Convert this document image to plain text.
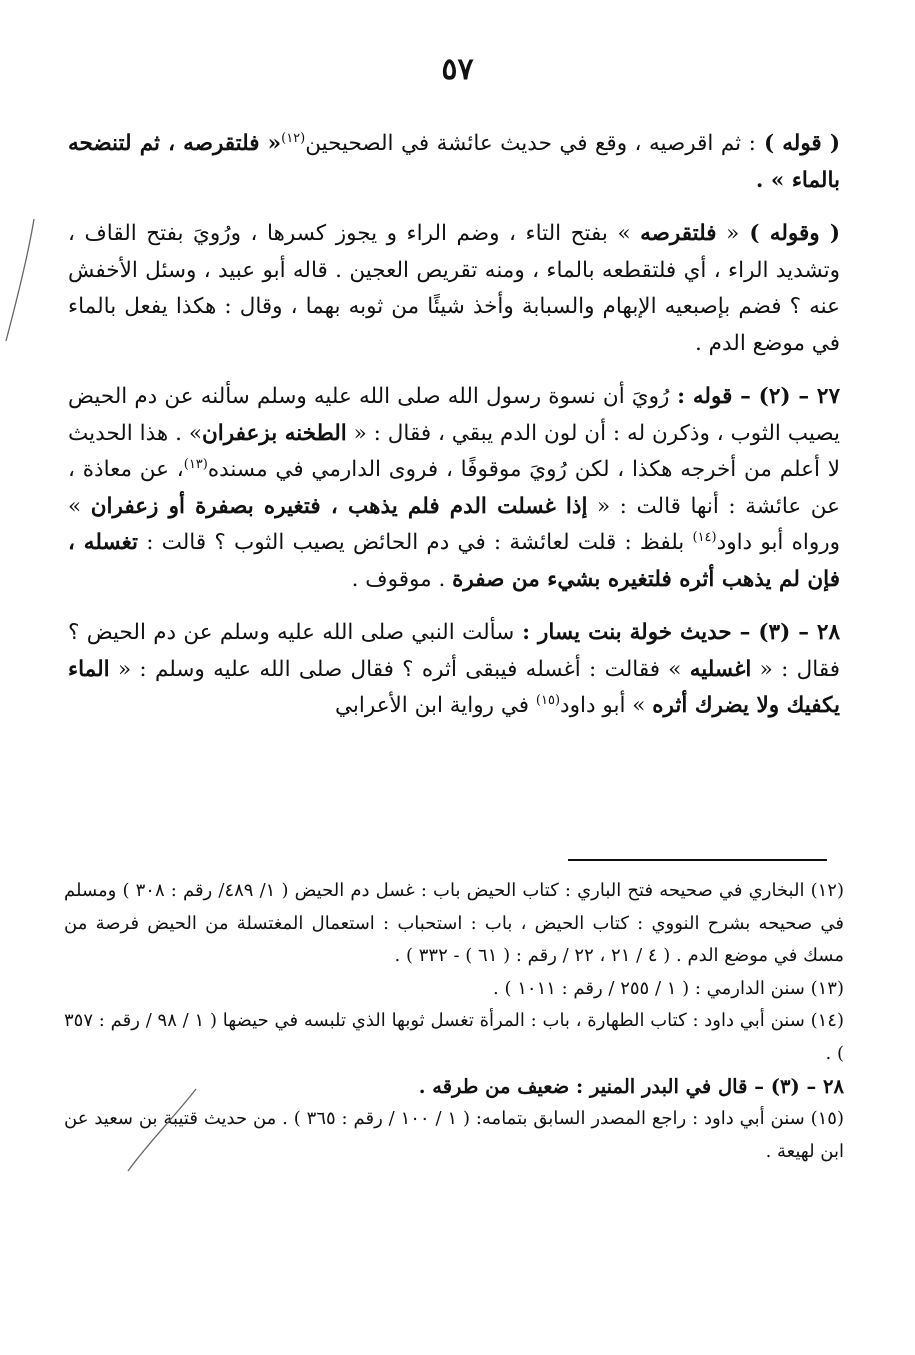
٥٧

( قوله ) : ثم اقرصيه ، وقع في حديث عائشة في الصحيحين$^{(١٢)}$« فلتقرصه ، ثم لتنضحه بالماء » .

( وقوله ) « فلتقرصه » بفتح التاء ، وضم الراء و يجوز كسرها ، ورُويَ بفتح القاف ، وتشديد الراء ، أي فلتقطعه بالماء ، ومنه تقريص العجين . قاله أبو عبيد ، وسئل الأخفش عنه ؟ فضم بإصبعيه الإبهام والسبابة وأخذ شيئًا من ثوبه بهما ، وقال : هكذا يفعل بالماء في موضع الدم .

٢٧ – (٢) – قوله : رُويَ أن نسوة رسول الله صلى الله عليه وسلم سألنه عن دم الحيض يصيب الثوب ، وذكرن له : أن لون الدم يبقي ، فقال : « الطخنه بزعفران» . هذا الحديث لا أعلم من أخرجه هكذا ، لكن رُويَ موقوفًا ، فروى الدارمي في مسنده$^{(١٣)}$، عن معاذة ، عن عائشة : أنها قالت : « إذا غسلت الدم فلم يذهب ، فتغيره بصفرة أو زعفران » ورواه أبو داود$^{(١٤)}$ بلفظ : قلت لعائشة : في دم الحائض يصيب الثوب ؟ قالت : تغسله ، فإن لم يذهب أثره فلتغيره بشيء من صفرة . موقوف .

٢٨ – (٣) – حديث خولة بنت يسار : سألت النبي صلى الله عليه وسلم عن دم الحيض ؟ فقال : « اغسليه » فقالت : أغسله فيبقى أثره ؟ فقال صلى الله عليه وسلم : « الماء يكفيك ولا يضرك أثره » أبو داود$^{(١٥)}$ في رواية ابن الأعرابي

(١٢) البخاري في صحيحه فتح الباري : كتاب الحيض باب : غسل دم الحيض ( ١/ ٤٨٩/ رقم : ٣٠٨ ) ومسلم في صحيحه بشرح النووي : كتاب الحيض ، باب : استحباب : استعمال المغتسلة من الحيض فرصة من مسك في موضع الدم . ( ٤ / ٢١ ، ٢٢ / رقم : ( ٦١ ) - ٣٣٢ ) .

(١٣) سنن الدارمي : ( ١ / ٢٥٥ / رقم : ١٠١١ ) .

(١٤) سنن أبي داود : كتاب الطهارة ، باب : المرأة تغسل ثوبها الذي تلبسه في حيضها ( ١ / ٩٨ / رقم : ٣٥٧ ) .

٢٨ – (٣) – قال في البدر المنير : ضعيف من طرقه .

(١٥) سنن أبي داود : راجع المصدر السابق بتمامه: ( ١ / ١٠٠ / رقم : ٣٦٥ ) . من حديث قتيبة بن سعيد عن ابن لهيعة .
